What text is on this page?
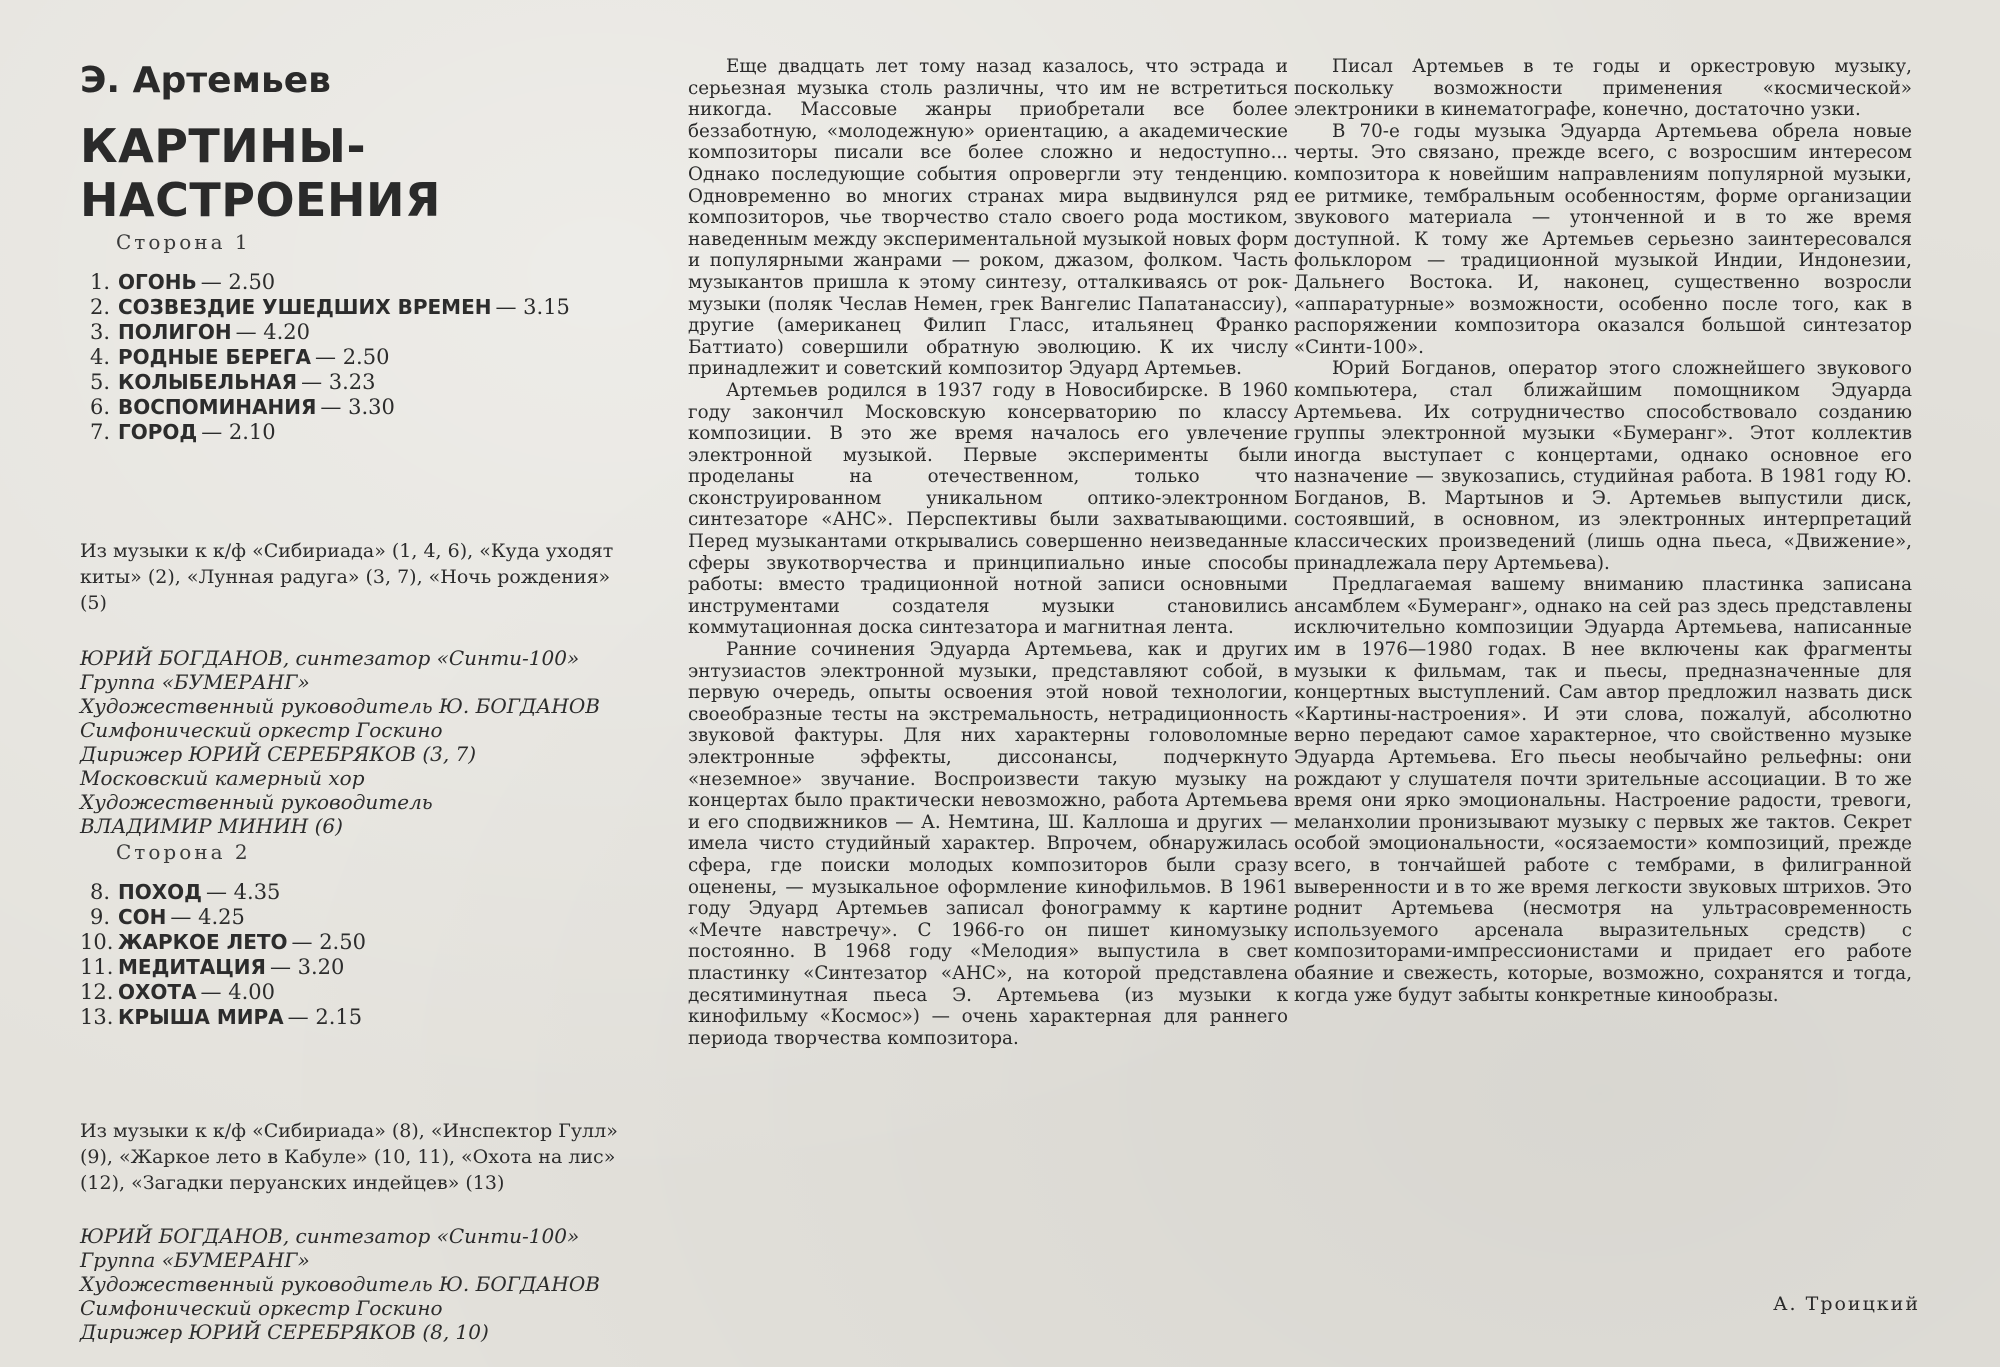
Э. Артемьев
КАРТИНЫ-НАСТРОЕНИЯ
Сторона 1
1. ОГОНЬ — 2.50
2. СОЗВЕЗДИЕ УШЕДШИХ ВРЕМЕН — 3.15
3. ПОЛИГОН — 4.20
4. РОДНЫЕ БЕРЕГА — 2.50
5. КОЛЫБЕЛЬНАЯ — 3.23
6. ВОСПОМИНАНИЯ — 3.30
7. ГОРОД — 2.10

Из музыки к к/ф «Сибириада» (1, 4, 6), «Куда уходят киты» (2), «Лунная радуга» (3, 7), «Ночь рождения» (5)

ЮРИЙ БОГДАНОВ, синтезатор «Синти-100»
Группа «БУМЕРАНГ»
Художественный руководитель Ю. БОГДАНОВ
Симфонический оркестр Госкино
Дирижер ЮРИЙ СЕРЕБРЯКОВ (3, 7)
Московский камерный хор
Художественный руководитель
ВЛАДИМИР МИНИН (6)
Сторона 2
8. ПОХОД — 4.35
9. СОН — 4.25
10. ЖАРКОЕ ЛЕТО — 2.50
11. МЕДИТАЦИЯ — 3.20
12. ОХОТА — 4.00
13. КРЫША МИРА — 2.15

Из музыки к к/ф «Сибириада» (8), «Инспектор Гулл» (9), «Жаркое лето в Кабуле» (10, 11), «Охота на лис» (12), «Загадки перуанских индейцев» (13)

ЮРИЙ БОГДАНОВ, синтезатор «Синти-100»
Группа «БУМЕРАНГ»
Художественный руководитель Ю. БОГДАНОВ
Симфонический оркестр Госкино
Дирижер ЮРИЙ СЕРЕБРЯКОВ (8, 10)

Еще двадцать лет тому назад казалось, что эстрада и серьезная музыка столь различны, что им не встретиться никогда. Массовые жанры приобретали все более беззаботную, «молодежную» ориентацию, а академические композиторы писали все более сложно и недоступно... Однако последующие события опровергли эту тенденцию. Одновременно во многих странах мира выдвинулся ряд композиторов, чье творчество стало своего рода мостиком, наведенным между экспериментальной музыкой новых форм и популярными жанрами — роком, джазом, фолком. Часть музыкантов пришла к этому синтезу, отталкиваясь от рок-музыки (поляк Чеслав Немен, грек Вангелис Папатанассиу), другие (американец Филип Гласс, итальянец Франко Баттиато) совершили обратную эволюцию. К их числу принадлежит и советский композитор Эдуард Артемьев.

Артемьев родился в 1937 году в Новосибирске. В 1960 году закончил Московскую консерваторию по классу композиции. В это же время началось его увлечение электронной музыкой. Первые эксперименты были проделаны на отечественном, только что сконструированном уникальном оптико-электронном синтезаторе «АНС». Перспективы были захватывающими. Перед музыкантами открывались совершенно неизведанные сферы звукотворчества и принципиально иные способы работы: вместо традиционной нотной записи основными инструментами создателя музыки становились коммутационная доска синтезатора и магнитная лента.

Ранние сочинения Эдуарда Артемьева, как и других энтузиастов электронной музыки, представляют собой, в первую очередь, опыты освоения этой новой технологии, своеобразные тесты на экстремальность, нетрадиционность звуковой фактуры. Для них характерны головоломные электронные эффекты, диссонансы, подчеркнуто «неземное» звучание. Воспроизвести такую музыку на концертах было практически невозможно, работа Артемьева и его сподвижников — А. Немтина, Ш. Каллоша и других — имела чисто студийный характер. Впрочем, обнаружилась сфера, где поиски молодых композиторов были сразу оценены, — музыкальное оформление кинофильмов. В 1961 году Эдуард Артемьев записал фонограмму к картине «Мечте навстречу». С 1966-го он пишет киномузыку постоянно. В 1968 году «Мелодия» выпустила в свет пластинку «Синтезатор «АНС», на которой представлена десятиминутная пьеса Э. Артемьева (из музыки к кинофильму «Космос») — очень характерная для раннего периода творчества композитора.

Писал Артемьев в те годы и оркестровую музыку, поскольку возможности применения «космической» электроники в кинематографе, конечно, достаточно узки.

В 70-е годы музыка Эдуарда Артемьева обрела новые черты. Это связано, прежде всего, с возросшим интересом композитора к новейшим направлениям популярной музыки, ее ритмике, тембральным особенностям, форме организации звукового материала — утонченной и в то же время доступной. К тому же Артемьев серьезно заинтересовался фольклором — традиционной музыкой Индии, Индонезии, Дальнего Востока. И, наконец, существенно возросли «аппаратурные» возможности, особенно после того, как в распоряжении композитора оказался большой синтезатор «Синти-100».

Юрий Богданов, оператор этого сложнейшего звукового компьютера, стал ближайшим помощником Эдуарда Артемьева. Их сотрудничество способствовало созданию группы электронной музыки «Бумеранг». Этот коллектив иногда выступает с концертами, однако основное его назначение — звукозапись, студийная работа. В 1981 году Ю. Богданов, В. Мартынов и Э. Артемьев выпустили диск, состоявший, в основном, из электронных интерпретаций классических произведений (лишь одна пьеса, «Движение», принадлежала перу Артемьева).

Предлагаемая вашему вниманию пластинка записана ансамблем «Бумеранг», однако на сей раз здесь представлены исключительно композиции Эдуарда Артемьева, написанные им в 1976—1980 годах. В нее включены как фрагменты музыки к фильмам, так и пьесы, предназначенные для концертных выступлений. Сам автор предложил назвать диск «Картины-настроения». И эти слова, пожалуй, абсолютно верно передают самое характерное, что свойственно музыке Эдуарда Артемьева. Его пьесы необычайно рельефны: они рождают у слушателя почти зрительные ассоциации. В то же время они ярко эмоциональны. Настроение радости, тревоги, меланхолии пронизывают музыку с первых же тактов. Секрет особой эмоциональности, «осязаемости» композиций, прежде всего, в тончайшей работе с тембрами, в филигранной выверенности и в то же время легкости звуковых штрихов. Это роднит Артемьева (несмотря на ультрасовременность используемого арсенала выразительных средств) с композиторами-импрессионистами и придает его работе обаяние и свежесть, которые, возможно, сохранятся и тогда, когда уже будут забыты конкретные кинообразы.

А. Троицкий
